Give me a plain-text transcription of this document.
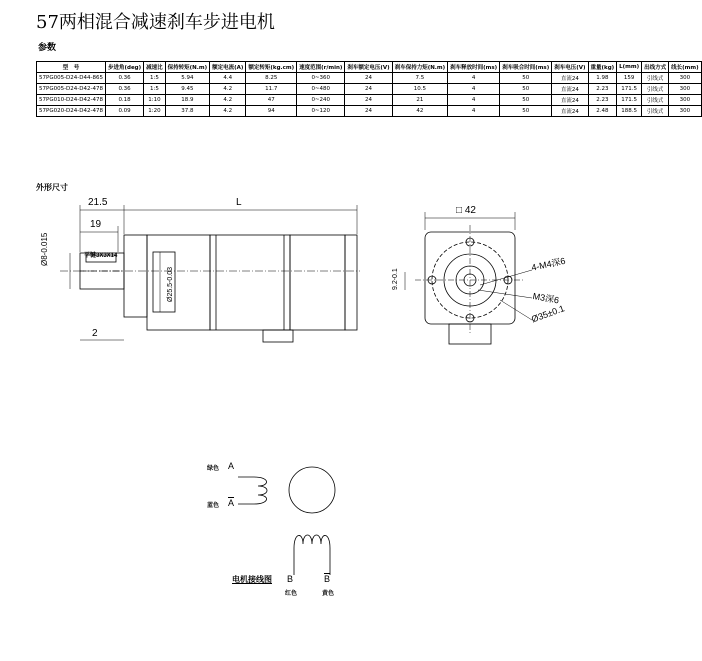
57两相混合减速刹车步进电机
参数
型　号	步进角(deg)	减速比	保持转矩(N.m)	额定电流(A)	额定转矩(kg.cm)	速度范围(r/min)	刹车额定电压(V)	刹车保持力矩(N.m)	刹车释放时间(ms)	刹车吸合时间(ms)	刹车电压(V)	重量(kg)	L(mm)	出线方式	线长(mm)
57PG005-D24-D44-865	0.36	1:5	5.94	4.4	8.25	0~360	24	7.5	4	50	直流24	1.98	159	引线式	300
57PG005-D24-D42-478	0.36	1:5	9.45	4.2	11.7	0~480	24	10.5	4	50	直流24	2.23	171.5	引线式	300
57PG010-D24-D42-478	0.18	1:10	18.9	4.2	47	0~240	24	21	4	50	直流24	2.23	171.5	引线式	300
57PG020-D24-D42-478	0.09	1:20	37.8	4.2	94	0~120	24	42	4	50	直流24	2.48	188.5	引线式	300
外形尺寸
21.5
19
L
2
Ø8-0.015	平键3X3X14
Ø25.5-0.03
□ 42
9.2-0.1
4-M4深6
M3深6
Ø35±0.1
绿色 A
蓝色 $\overline{A}$
B	$\overline{B}$
红色	黄色
电机接线图
